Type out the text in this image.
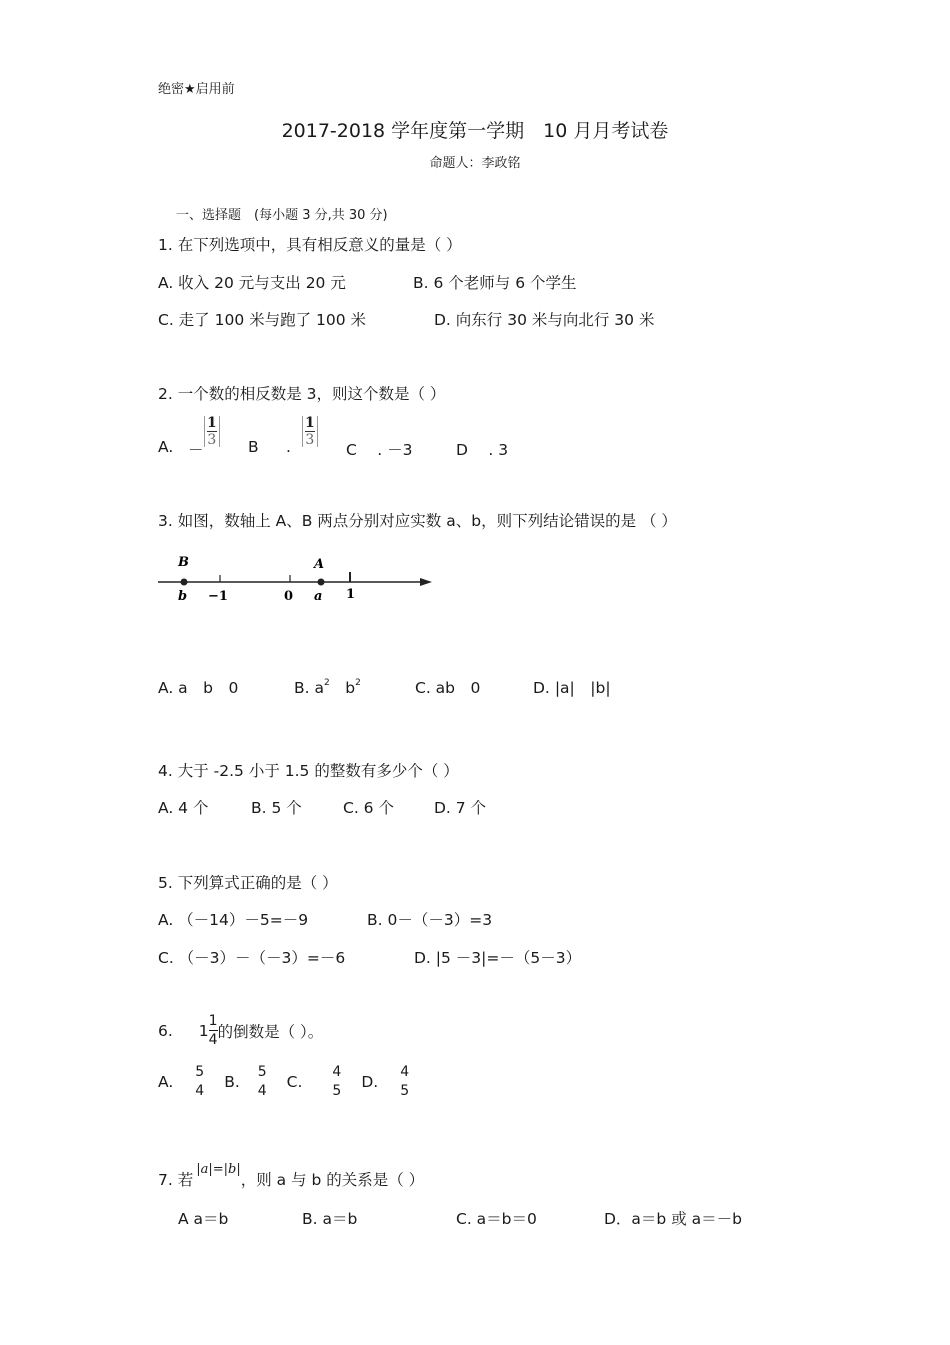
绝密★启用前
2017-2018 学年度第一学期　10 月月考试卷
命题人：李政铭
一、选择题　(每小题 3 分,共 30 分)
1. 在下列选项中，具有相反意义的量是（ ）
A. 收入 20 元与支出 20 元	B. 6 个老师与 6 个学生
C. 走了 100 米与跑了 100 米	D. 向东行 30 米与向北行 30 米
2. 一个数的相反数是 3，则这个数是（ ）
A. －
$\frac{1}{3}$ B . $\frac{1}{3}$
C　 . －3	D　 . 3
3. 如图，数轴上 A、B 两点分别对应实数 a、b，则下列结论错误的是 （ ）
B
b −1	0
A
a 1
A. a　b　0	B. $a^2$　$b^2$	C. ab　0	D. |a|　|b|
4. 大于 -2.5 小于 1.5 的整数有多少个（ ）
A. 4 个	B. 5 个	C. 6 个	D. 7 个
5. 下列算式正确的是（ ）
A. （－14）－5=－9	B. 0－（－3）=3
C. （－3）－（－3）=－6	D. |5 －3|=－（5－3）
6. $1 \frac{1}{4}$ 的倒数是（ ）。
A. $\frac{5}{4} B$. $\frac{5}{4} C$. $\frac{4}{5} D$. $\frac{4}{5}$
7. 若
|a|=|b|
，则 a 与 b 的关系是（ ）
A a＝b	B. a＝b	C. a＝b＝0	D．a＝b 或 a＝－b
